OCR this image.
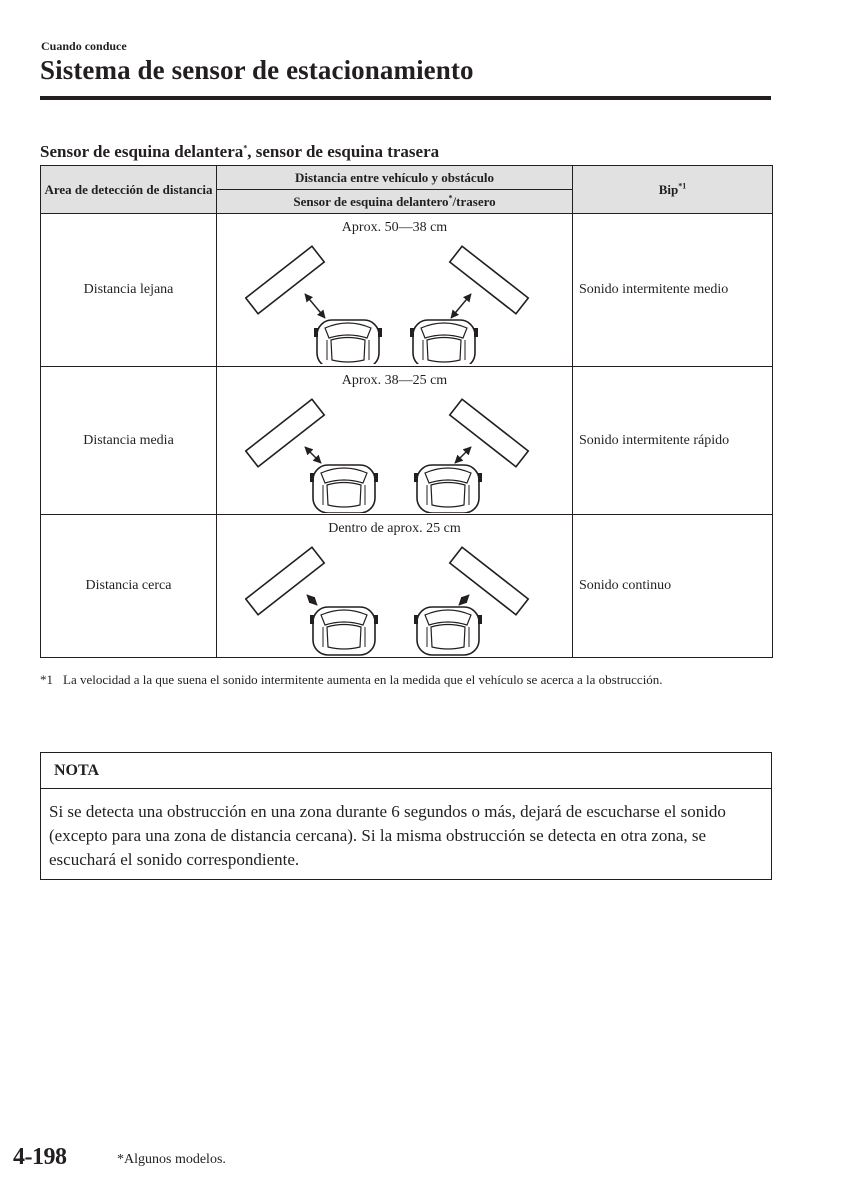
Cuando conduce
Sistema de sensor de estacionamiento
Sensor de esquina delantera*, sensor de esquina trasera
Area de detección de distancia	Distancia entre vehículo y obstáculo	Bip$^{*1}$
	Sensor de esquina delantero*/trasero	
Distancia lejana	Aprox. 50—38 cm	Sonido intermitente medio
Distancia media	Aprox. 38—25 cm	Sonido intermitente rápido
Distancia cerca	Dentro de aprox. 25 cm	Sonido continuo
*1 La velocidad a la que suena el sonido intermitente aumenta en la medida que el vehículo se acerca a la obstrucción.
NOTA
Si se detecta una obstrucción en una zona durante 6 segundos o más, dejará de escucharse el sonido (excepto para una zona de distancia cercana). Si la misma obstrucción se detecta en otra zona, se escuchará el sonido correspondiente.
4-198	*Algunos modelos.
